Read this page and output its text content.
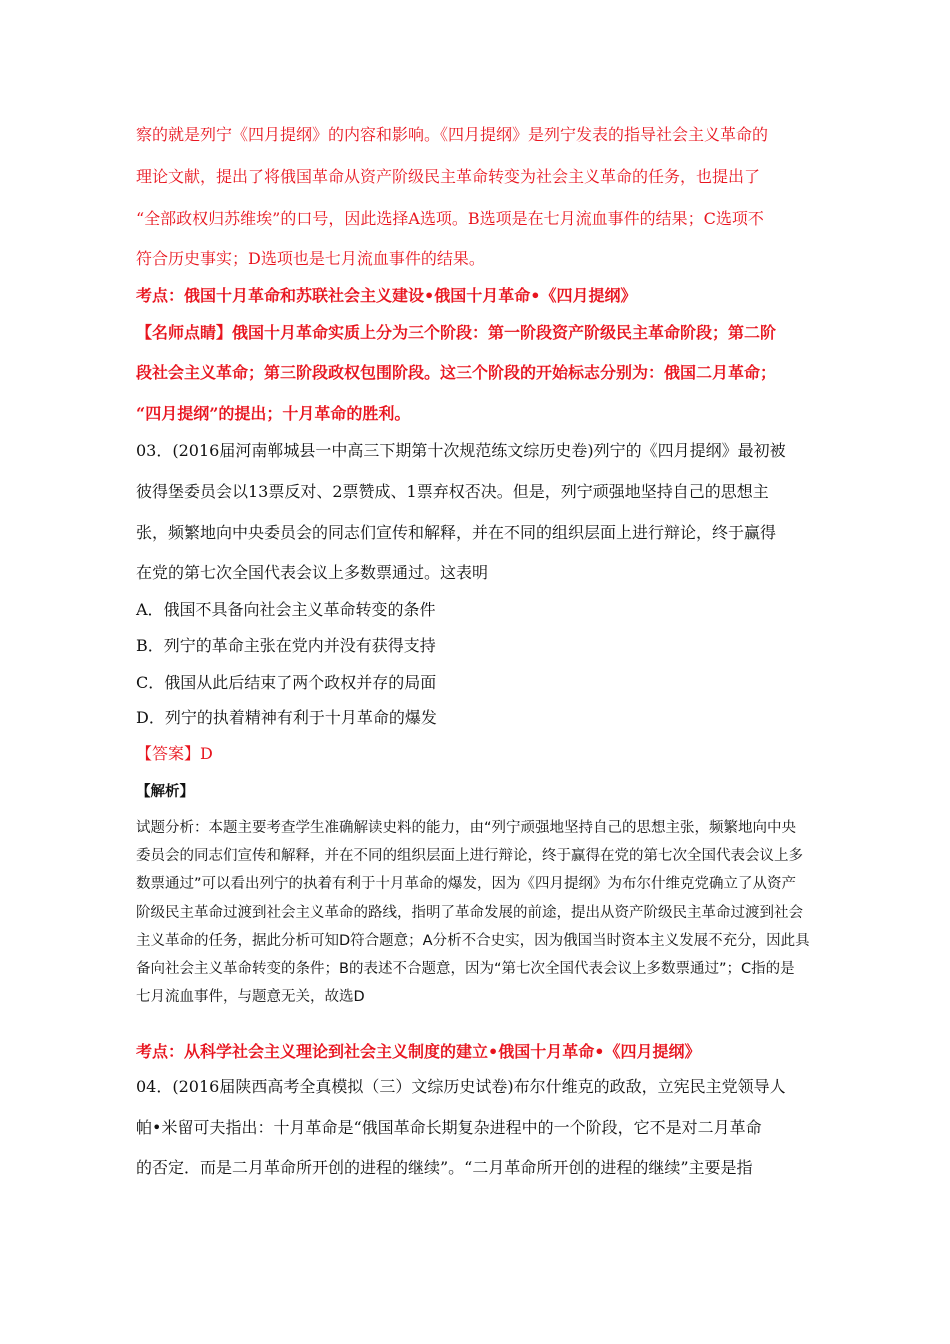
察的就是列宁《四月提纲》的内容和影响。《四月提纲》是列宁发表的指导社会主义革命的
理论文献，提出了将俄国革命从资产阶级民主革命转变为社会主义革命的任务，也提出了
“全部政权归苏维埃”的口号，因此选择A选项。B选项是在七月流血事件的结果；C选项不
符合历史事实；D选项也是七月流血事件的结果。
考点：俄国十月革命和苏联社会主义建设•俄国十月革命•《四月提纲》
【名师点睛】俄国十月革命实质上分为三个阶段：第一阶段资产阶级民主革命阶段；第二阶
段社会主义革命；第三阶段政权包围阶段。这三个阶段的开始标志分别为：俄国二月革命；
“四月提纲”的提出；十月革命的胜利。
03．(2016届河南郸城县一中高三下期第十次规范练文综历史卷)列宁的《四月提纲》最初被
彼得堡委员会以13票反对、2票赞成、1票弃权否决。但是，列宁顽强地坚持自己的思想主
张，频繁地向中央委员会的同志们宣传和解释，并在不同的组织层面上进行辩论，终于赢得
在党的第七次全国代表会议上多数票通过。这表明
A．俄国不具备向社会主义革命转变的条件
B．列宁的革命主张在党内并没有获得支持
C．俄国从此后结束了两个政权并存的局面
D．列宁的执着精神有利于十月革命的爆发
【答案】D
【解析】
试题分析：本题主要考查学生准确解读史料的能力，由“列宁顽强地坚持自己的思想主张，频繁地向中央
委员会的同志们宣传和解释，并在不同的组织层面上进行辩论，终于赢得在党的第七次全国代表会议上多
数票通过”可以看出列宁的执着有利于十月革命的爆发，因为《四月提纲》为布尔什维克党确立了从资产
阶级民主革命过渡到社会主义革命的路线，指明了革命发展的前途，提出从资产阶级民主革命过渡到社会
主义革命的任务，据此分析可知D符合题意；A分析不合史实，因为俄国当时资本主义发展不充分，因此具
备向社会主义革命转变的条件；B的表述不合题意，因为“第七次全国代表会议上多数票通过”；C指的是
七月流血事件，与题意无关，故选D
考点：从科学社会主义理论到社会主义制度的建立•俄国十月革命•《四月提纲》
04．(2016届陕西高考全真模拟（三）文综历史试卷)布尔什维克的政敌，立宪民主党领导人
帕•米留可夫指出：十月革命是“俄国革命长期复杂进程中的一个阶段，它不是对二月革命
的否定．而是二月革命所开创的进程的继续”。“二月革命所开创的进程的继续”主要是指
